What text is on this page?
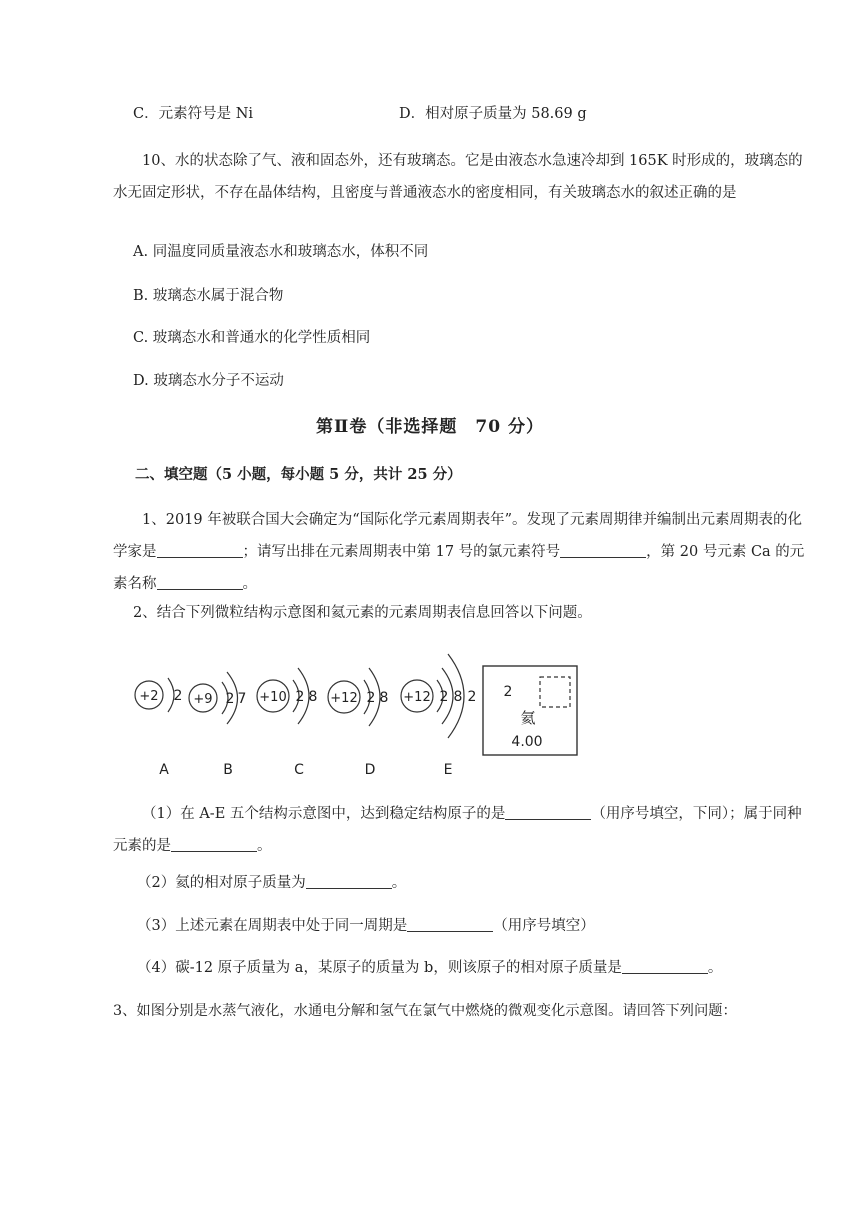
C．元素符号是 Ni	D．相对原子质量为 58.69 g
10、水的状态除了气、液和固态外，还有玻璃态。它是由液态水急速冷却到 165K 时形成的，玻璃态的水无固定形状，不存在晶体结构，且密度与普通液态水的密度相同，有关玻璃态水的叙述正确的是
A. 同温度同质量液态水和玻璃态水，体积不同
B. 玻璃态水属于混合物
C. 玻璃态水和普通水的化学性质相同
D. 玻璃态水分子不运动
第Ⅱ卷（非选择题　70 分）
二、填空题（5 小题，每小题 5 分，共计 25 分）
1、2019 年被联合国大会确定为“国际化学元素周期表年”。发现了元素周期律并编制出元素周期表的化学家是	；请写出排在元素周期表中第 17 号的氯元素符号	，第 20 号元素 Ca 的元素名称	。
2、结合下列微粒结构示意图和氦元素的元素周期表信息回答以下问题。
+2	+9	+10	+12	+12
2	2 7	2 8	2 8	2 8 2
A	B	C	D	E
2
氦
4.00
（1）在 A-E 五个结构示意图中，达到稳定结构原子的是	（用序号填空，下同）；属于同种元素的是	。
（2）氦的相对原子质量为	。
（3）上述元素在周期表中处于同一周期是	（用序号填空）
（4）碳-12 原子质量为 a，某原子的质量为 b，则该原子的相对原子质量是	。
3、如图分别是水蒸气液化，水通电分解和氢气在氯气中燃烧的微观变化示意图。请回答下列问题：
